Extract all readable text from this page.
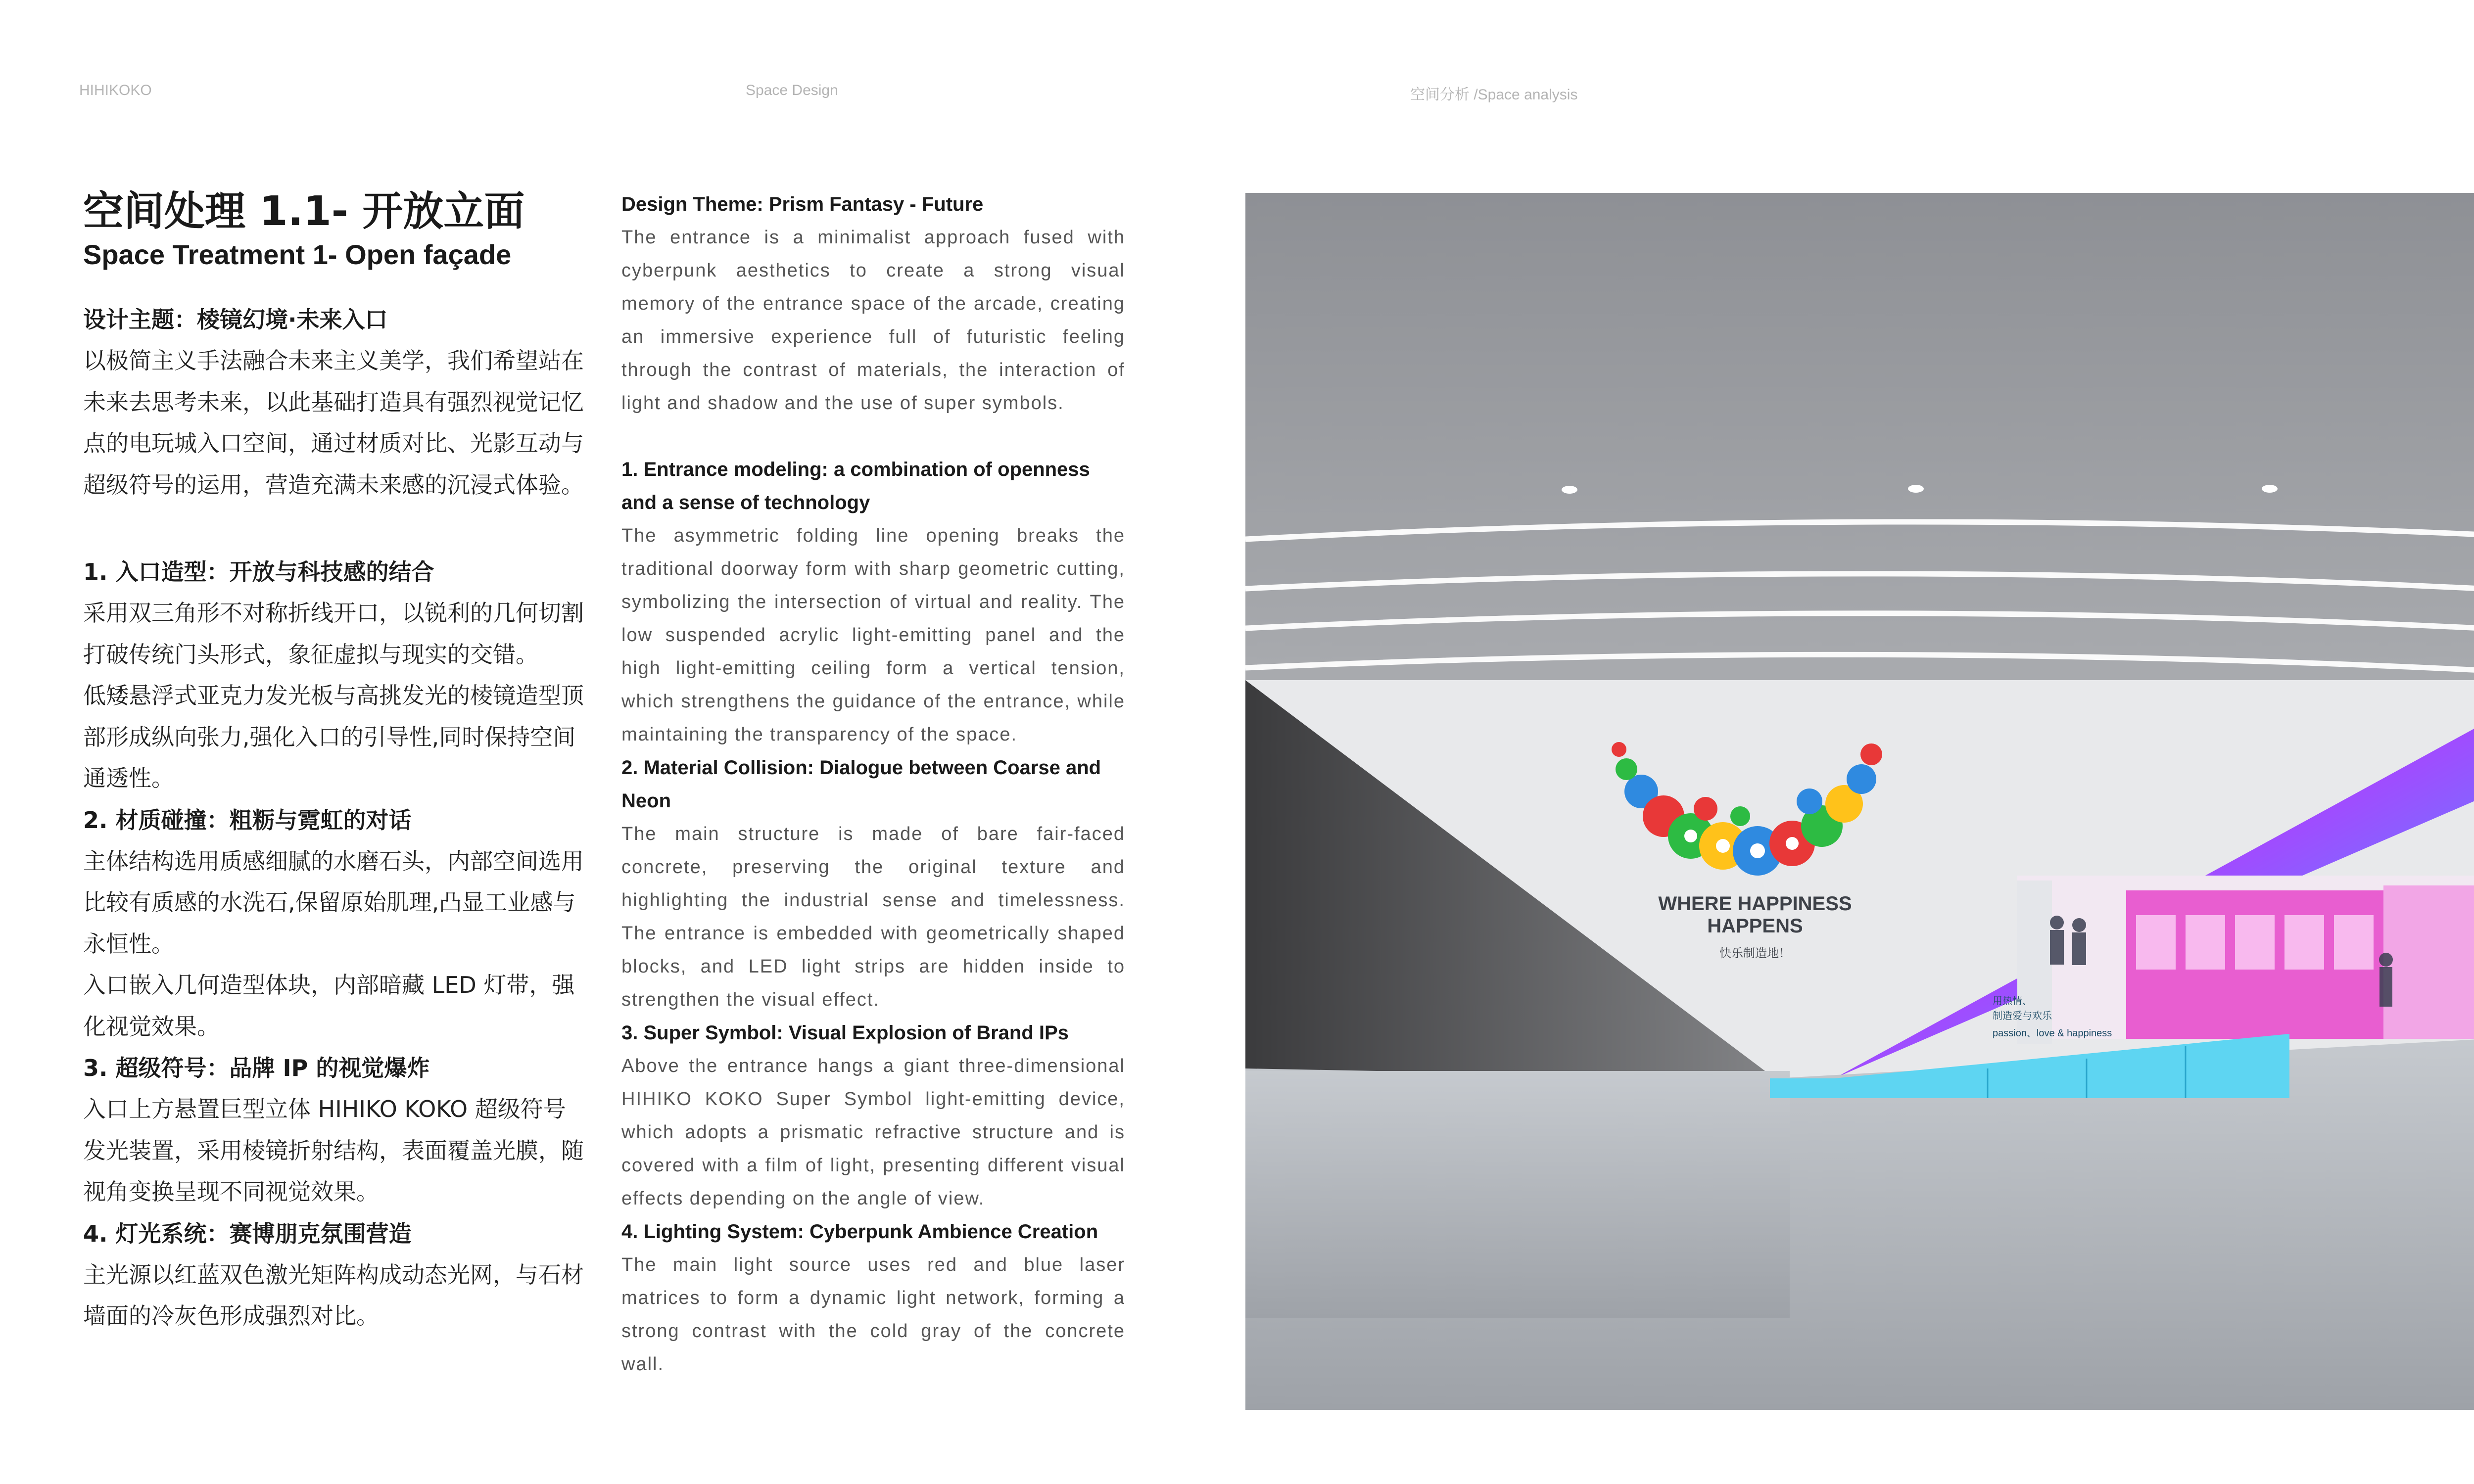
HIHIKOKO	Space Design	空间分析 /Space analysis
空间处理 1.1- 开放立面
Space Treatment 1- Open façade
设计主题：棱镜幻境·未来入口

以极简主义手法融合未来主义美学，我们希望站在未来去思考未来，以此基础打造具有强烈视觉记忆点的电玩城入口空间，通过材质对比、光影互动与超级符号的运用，营造充满未来感的沉浸式体验。

1. 入口造型：开放与科技感的结合

采用双三角形不对称折线开口，以锐利的几何切割打破传统门头形式，象征虚拟与现实的交错。

低矮悬浮式亚克力发光板与高挑发光的棱镜造型顶部形成纵向张力,强化入口的引导性,同时保持空间通透性。

2. 材质碰撞：粗粝与霓虹的对话

主体结构选用质感细腻的水磨石头，内部空间选用比较有质感的水洗石,保留原始肌理,凸显工业感与永恒性。

入口嵌入几何造型体块，内部暗藏 LED 灯带，强化视觉效果。

3. 超级符号：品牌 IP 的视觉爆炸

入口上方悬置巨型立体 HIHIKO KOKO 超级符号发光装置，采用棱镜折射结构，表面覆盖光膜，随视角变换呈现不同视觉效果。

4. 灯光系统：赛博朋克氛围营造

主光源以红蓝双色激光矩阵构成动态光网，与石材墙面的冷灰色形成强烈对比。

Design Theme: Prism Fantasy - Future

The entrance is a minimalist approach fused with cyberpunk aesthetics to create a strong visual memory of the entrance space of the arcade, creating an immersive experience full of futuristic feeling through the contrast of materials, the interaction of light and shadow and the use of super symbols.

1. Entrance modeling: a combination of openness and a sense of technology

The asymmetric folding line opening breaks the traditional doorway form with sharp geometric cutting, symbolizing the intersection of virtual and reality. The low suspended acrylic light-emitting panel and the high light-emitting ceiling form a vertical tension, which strengthens the guidance of the entrance, while maintaining the transparency of the space.

2. Material Collision: Dialogue between Coarse and Neon

The main structure is made of bare fair-faced concrete, preserving the original texture and highlighting the industrial sense and timelessness. The entrance is embedded with geometrically shaped blocks, and LED light strips are hidden inside to strengthen the visual effect.

3. Super Symbol: Visual Explosion of Brand IPs

Above the entrance hangs a giant three-dimensional HIHIKO KOKO Super Symbol light-emitting device, which adopts a prismatic refractive structure and is covered with a film of light, presenting different visual effects depending on the angle of view.

4. Lighting System: Cyberpunk Ambience Creation

The main light source uses red and blue laser matrices to form a dynamic light network, forming a strong contrast with the cold gray of the concrete wall.

WHERE HAPPINESS
HAPPENS
快乐制造地！
用热情、
制造爱与欢乐
passion、love & happiness
